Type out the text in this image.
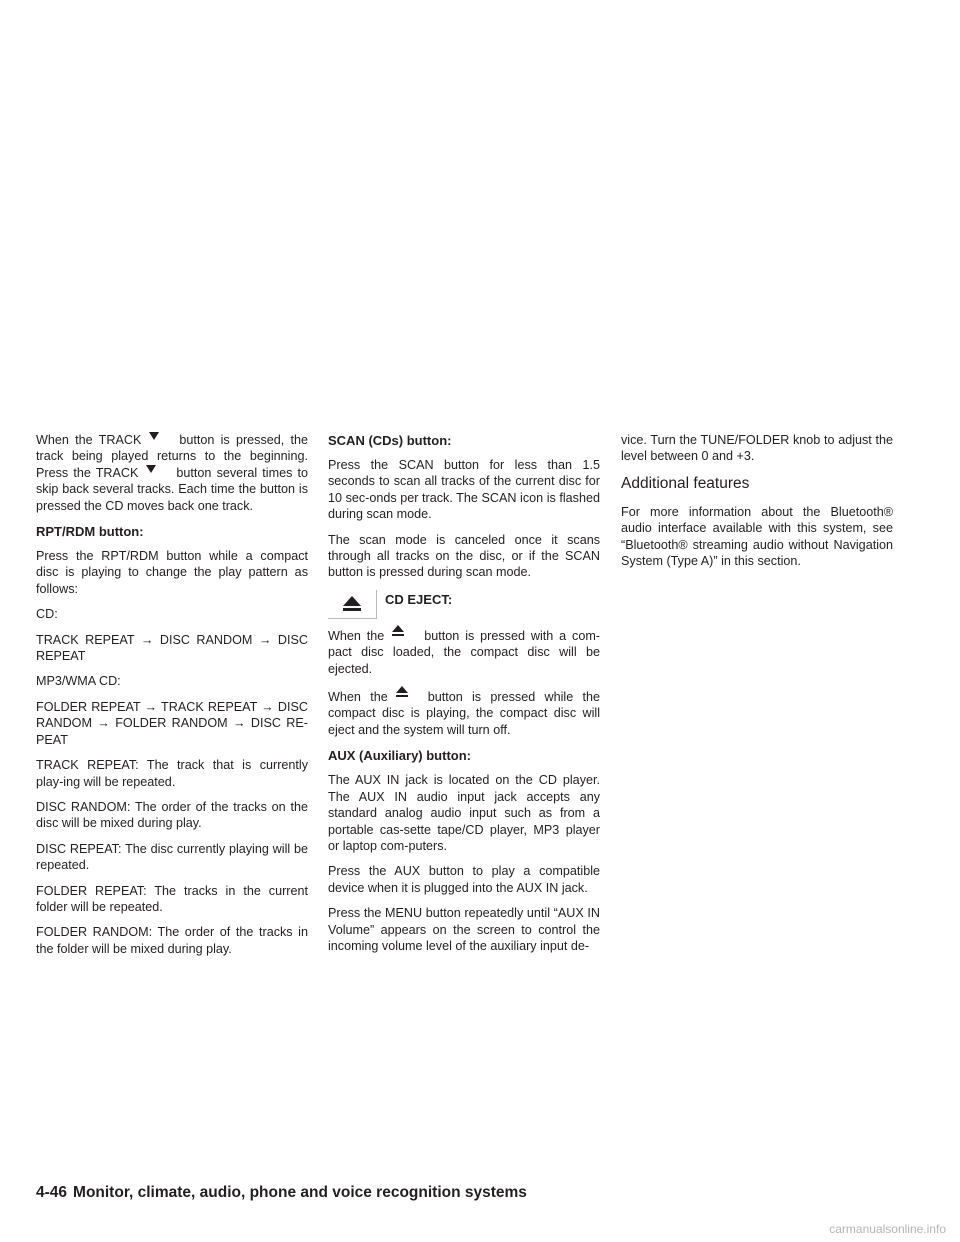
When the TRACK	button is pressed, the track being played returns to the beginning. Press the TRACK	button several times to skip back several tracks. Each time the button is pressed the CD moves back one track.

RPT/RDM button:

Press the RPT/RDM button while a compact disc is playing to change the play pattern as follows:

CD:

TRACK REPEAT → DISC RANDOM → DISC REPEAT

MP3/WMA CD:

FOLDER REPEAT → TRACK REPEAT → DISC RANDOM → FOLDER RANDOM → DISC RE-PEAT

TRACK REPEAT: The track that is currently play-ing will be repeated.

DISC RANDOM: The order of the tracks on the disc will be mixed during play.

DISC REPEAT: The disc currently playing will be repeated.

FOLDER REPEAT: The tracks in the current folder will be repeated.

FOLDER RANDOM: The order of the tracks in the folder will be mixed during play.

SCAN (CDs) button:

Press the SCAN button for less than 1.5 seconds to scan all tracks of the current disc for 10 sec-onds per track. The SCAN icon is flashed during scan mode.

The scan mode is canceled once it scans through all tracks on the disc, or if the SCAN button is pressed during scan mode.

CD EJECT:

When the	button is pressed with a com-pact disc loaded, the compact disc will be ejected.

When the	button is pressed while the compact disc is playing, the compact disc will eject and the system will turn off.

AUX (Auxiliary) button:

The AUX IN jack is located on the CD player. The AUX IN audio input jack accepts any standard analog audio input such as from a portable cas-sette tape/CD player, MP3 player or laptop com-puters.

Press the AUX button to play a compatible device when it is plugged into the AUX IN jack.

Press the MENU button repeatedly until “AUX IN Volume” appears on the screen to control the incoming volume level of the auxiliary input de-

vice. Turn the TUNE/FOLDER knob to adjust the level between 0 and +3.

Additional features

For more information about the Bluetooth® audio interface available with this system, see “Bluetooth® streaming audio without Navigation System (Type A)” in this section.

4-46 Monitor, climate, audio, phone and voice recognition systems
carmanualsonline.info
